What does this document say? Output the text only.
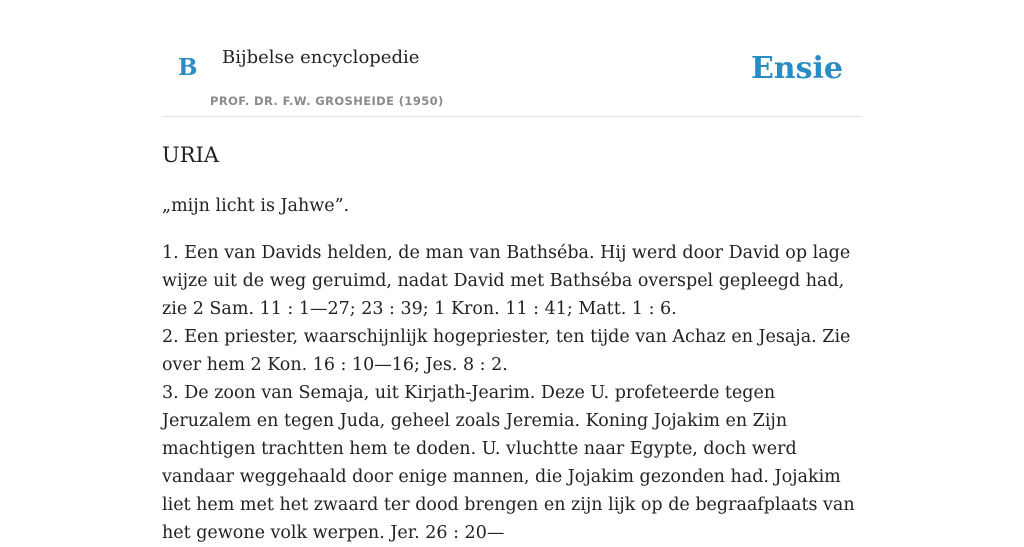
B Bijbelse encyclopedie
PROF. DR. F.W. GROSHEIDE (1950)
Ensie
URIA

„mijn licht is Jahwe”.

1. Een van Davids helden, de man van Bathséba. Hij werd door David op lage wijze uit de weg geruimd, nadat David met Bathséba overspel gepleegd had, zie 2 Sam. 11 : 1—27; 23 : 39; 1 Kron. 11 : 41; Matt. 1 : 6.
2. Een priester, waarschijnlijk hogepriester, ten tijde van Achaz en Jesaja. Zie over hem 2 Kon. 16 : 10—16; Jes. 8 : 2.
3. De zoon van Semaja, uit Kirjath-Jearim. Deze U. profeteerde tegen Jeruzalem en tegen Juda, geheel zoals Jeremia. Koning Jojakim en Zijn machtigen trachtten hem te doden. U. vluchtte naar Egypte, doch werd vandaar weggehaald door enige mannen, die Jojakim gezonden had. Jojakim liet hem met het zwaard ter dood brengen en zijn lijk op de begraafplaats van het gewone volk werpen. Jer. 26 : 20—
